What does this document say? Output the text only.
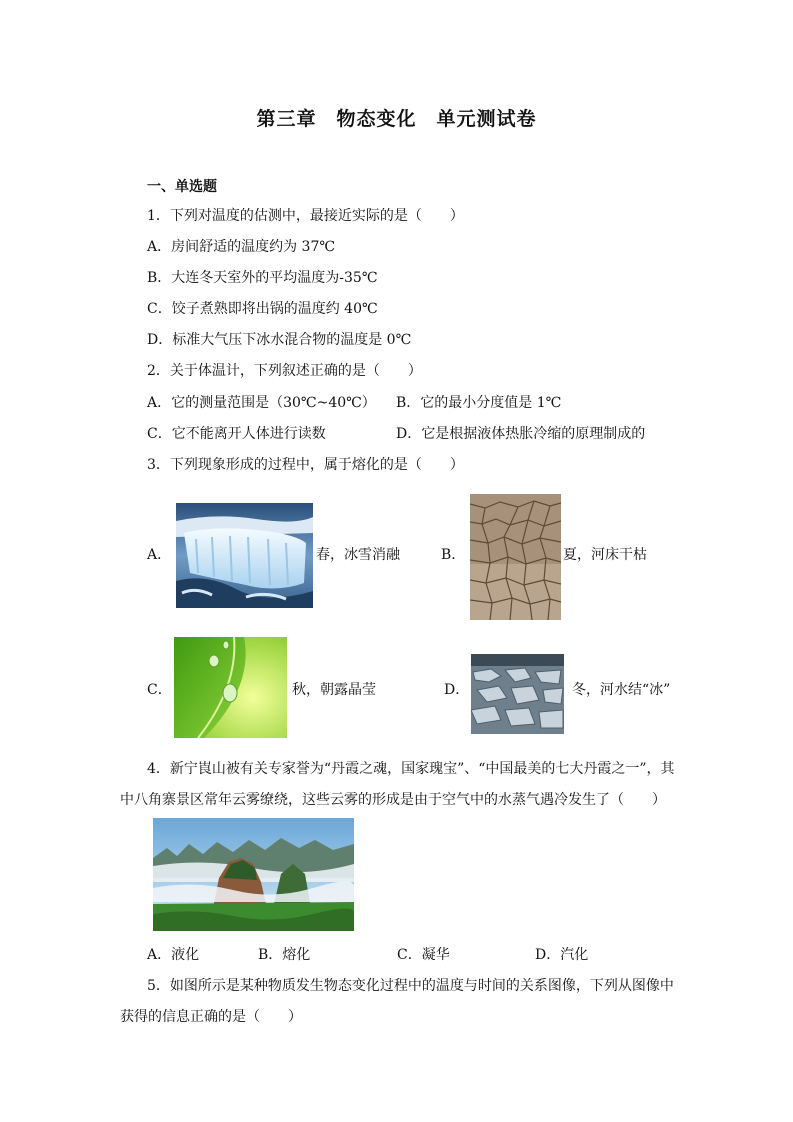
第三章　物态变化　单元测试卷
一、单选题
1．下列对温度的估测中，最接近实际的是（　　）
A．房间舒适的温度约为 37℃
B．大连冬天室外的平均温度为-35℃
C．饺子煮熟即将出锅的温度约 40℃
D．标准大气压下冰水混合物的温度是 0℃
2．关于体温计，下列叙述正确的是（　　）
A．它的测量范围是（30℃~40℃） B．它的最小分度值是 1℃
C．它不能离开人体进行读数	D．它是根据液体热胀冷缩的原理制成的
3．下列现象形成的过程中，属于熔化的是（　　）
A．	春，冰雪消融	B．	夏，河床干枯
C．	秋，朝露晶莹	D．	冬，河水结“冰”
4．新宁崀山被有关专家誉为“丹霞之魂，国家瑰宝”、“中国最美的七大丹霞之一”，其
中八角寨景区常年云雾缭绕，这些云雾的形成是由于空气中的水蒸气遇冷发生了（　　）
A．液化	B．熔化	C．凝华	D．汽化
5．如图所示是某种物质发生物态变化过程中的温度与时间的关系图像，下列从图像中
获得的信息正确的是（　　）
